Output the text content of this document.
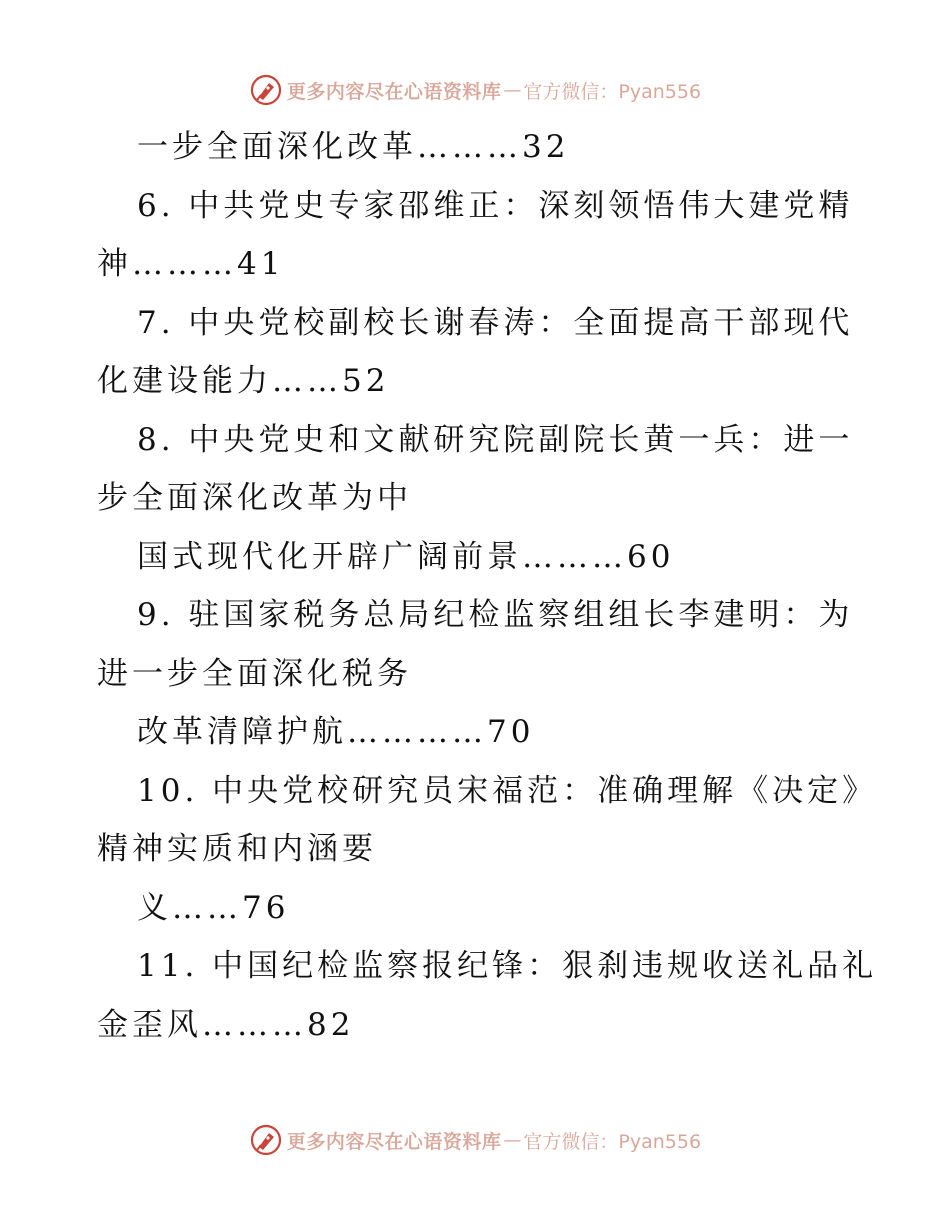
更多内容尽在心语资料库 — 官方微信：Pyan556
一步全面深化改革………32
6. 中共党史专家邵维正：深刻领悟伟大建党精
神………41
7. 中央党校副校长谢春涛：全面提高干部现代
化建设能力……52
8. 中央党史和文献研究院副院长黄一兵：进一
步全面深化改革为中
国式现代化开辟广阔前景………60
9. 驻国家税务总局纪检监察组组长李建明：为
进一步全面深化税务
改革清障护航…………70
10. 中央党校研究员宋福范：准确理解《决定》
精神实质和内涵要
义……76
11. 中国纪检监察报纪锋：狠刹违规收送礼品礼
金歪风………82
更多内容尽在心语资料库 — 官方微信：Pyan556
